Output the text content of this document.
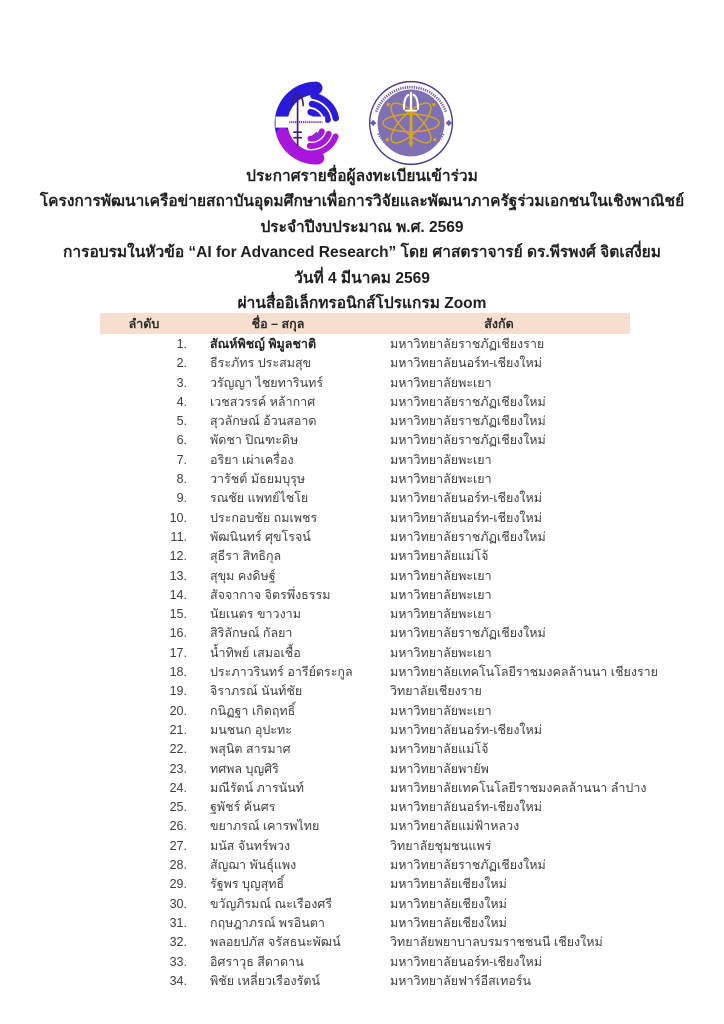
ประกาศรายชื่อผู้ลงทะเบียนเข้าร่วม
โครงการพัฒนาเครือข่ายสถาบันอุดมศึกษาเพื่อการวิจัยและพัฒนาภาครัฐร่วมเอกชนในเชิงพาณิชย์
ประจำปีงบประมาณ พ.ศ. 2569
การอบรมในหัวข้อ “AI for Advanced Research” โดย ศาสตราจารย์ ดร.พีรพงศ์ จิตเสงี่ยม
วันที่ 4 มีนาคม 2569
ผ่านสื่ออิเล็กทรอนิกส์โปรแกรม Zoom
ลำดับ	ชื่อ – สกุล	สังกัด
1.	สัณห์พิชญ์ พิมูลชาติ	มหาวิทยาลัยราชภัฏเชียงราย
2.	ธีระภัทร ประสมสุข	มหาวิทยาลัยนอร์ท-เชียงใหม่
3.	วรัญญา ไชยทารินทร์	มหาวิทยาลัยพะเยา
4.	เวชสวรรค์ หล้ากาศ	มหาวิทยาลัยราชภัฏเชียงใหม่
5.	สุวลักษณ์ อ้วนสอาด	มหาวิทยาลัยราชภัฏเชียงใหม่
6.	พัดชา ปิณฑะดิษ	มหาวิทยาลัยราชภัฏเชียงใหม่
7.	อริยา เผ่าเครื่อง	มหาวิทยาลัยพะเยา
8.	วารัชต์ มัธยมบุรุษ	มหาวิทยาลัยพะเยา
9.	รณชัย แพทย์ไชโย	มหาวิทยาลัยนอร์ท-เชียงใหม่
10.	ประกอบชัย ถมเพชร	มหาวิทยาลัยนอร์ท-เชียงใหม่
11.	พัฒนินทร์ ศุขโรจน์	มหาวิทยาลัยราชภัฏเชียงใหม่
12.	สุธีรา สิทธิกุล	มหาวิทยาลัยแม่โจ้
13.	สุขุม คงดิษฐ์	มหาวิทยาลัยพะเยา
14.	สัจจากาจ จิตรพึ่งธรรม	มหาวิทยาลัยพะเยา
15.	นัยเนตร ขาวงาม	มหาวิทยาลัยพะเยา
16.	สิริลักษณ์ กัลยา	มหาวิทยาลัยราชภัฏเชียงใหม่
17.	น้ำทิพย์ เสมอเชื้อ	มหาวิทยาลัยพะเยา
18.	ประภาวรินทร์ อารีย์ตระกูล	มหาวิทยาลัยเทคโนโลยีราชมงคลล้านนา เชียงราย
19.	จิราภรณ์ นันท์ชัย	วิทยาลัยเชียงราย
20.	กนิฏฐา เกิดฤทธิ์	มหาวิทยาลัยพะเยา
21.	มนชนก อุปะทะ	มหาวิทยาลัยนอร์ท-เชียงใหม่
22.	พสุนิต สารมาศ	มหาวิทยาลัยแม่โจ้
23.	ทศพล บุญศิริ	มหาวิทยาลัยพายัพ
24.	มณีรัตน์ ภารนันท์	มหาวิทยาลัยเทคโนโลยีราชมงคลล้านนา ลำปาง
25.	ฐพัชร์ ค้นศร	มหาวิทยาลัยนอร์ท-เชียงใหม่
26.	ขยาภรณ์ เคารพไทย	มหาวิทยาลัยแม่ฟ้าหลวง
27.	มนัส จันทร์พวง	วิทยาลัยชุมชนแพร่
28.	สัญฌา พันธุ์แพง	มหาวิทยาลัยราชภัฏเชียงใหม่
29.	รัฐพร บุญสุทธิ์	มหาวิทยาลัยเชียงใหม่
30.	ขวัญภิรมณ์ ณะเรืองศรี	มหาวิทยาลัยเชียงใหม่
31.	กฤษฎาภรณ์ พรอินตา	มหาวิทยาลัยเชียงใหม่
32.	พลอยปภัส จรัสธนะพัฒน์	วิทยาลัยพยาบาลบรมราชชนนี เชียงใหม่
33.	อิศราวุธ สีดาดาน	มหาวิทยาลัยนอร์ท-เชียงใหม่
34.	พิชัย เหลี่ยวเรืองรัตน์	มหาวิทยาลัยฟาร์อีสเทอร์น
